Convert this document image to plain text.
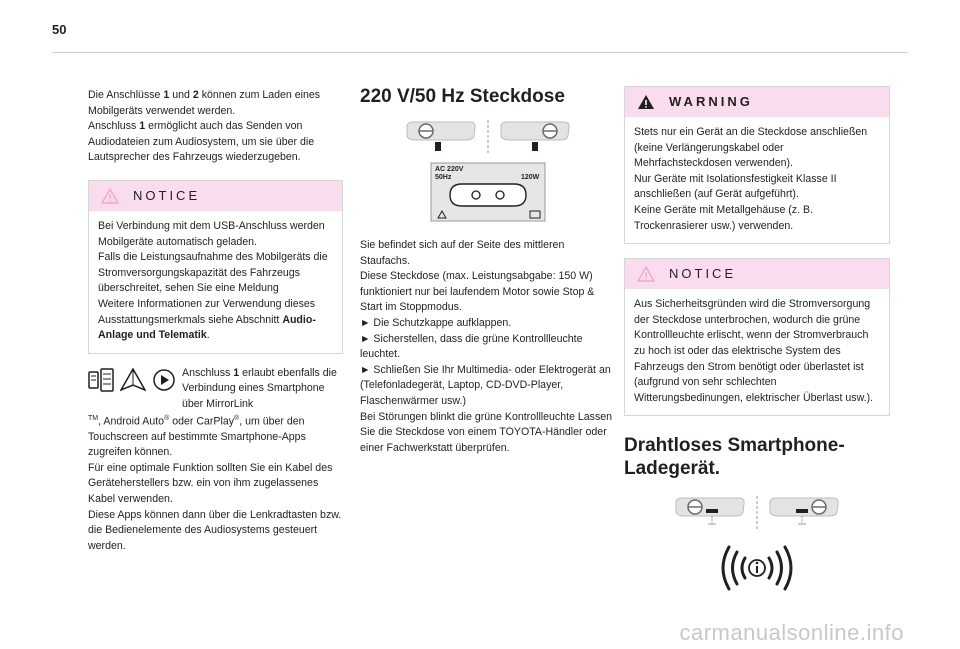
50

Die Anschlüsse 1 und 2 können zum Laden eines Mobilgeräts verwendet werden.

Anschluss 1 ermöglicht auch das Senden von Audiodateien zum Audiosystem, um sie über die Lautsprecher des Fahrzeugs wiederzugeben.

NOTICE

Bei Verbindung mit dem USB-Anschluss werden Mobilgeräte automatisch geladen.

Falls die Leistungsaufnahme des Mobilgeräts die Stromversorgungskapazität des Fahrzeugs überschreitet, sehen Sie eine Meldung

Weitere Informationen zur Verwendung dieses Ausstattungsmerkmals siehe Abschnitt Audio-Anlage und Telematik.

Anschluss 1 erlaubt ebenfalls die Verbindung eines Smartphone über MirrorLink

™, Android Auto® oder CarPlay®, um über den Touchscreen auf bestimmte Smartphone-Apps zugreifen können.

Für eine optimale Funktion sollten Sie ein Kabel des Geräteherstellers bzw. ein von ihm zugelassenes Kabel verwenden.

Diese Apps können dann über die Lenkradtasten bzw. die Bedienelemente des Audiosystems gesteuert werden.

220 V/50 Hz Steckdose
AC 220V
50Hz	120W

Sie befindet sich auf der Seite des mittleren Staufachs.

Diese Steckdose (max. Leistungsabgabe: 150 W) funktioniert nur bei laufendem Motor sowie Stop & Start im Stoppmodus.

► Die Schutzkappe aufklappen.

► Sicherstellen, dass die grüne Kontrollleuchte leuchtet.

► Schließen Sie Ihr Multimedia- oder Elektrogerät an (Telefonladegerät, Laptop, CD-DVD-Player, Flaschenwärmer usw.)

Bei Störungen blinkt die grüne Kontrollleuchte Lassen Sie die Steckdose von einem TOYOTA-Händler oder einer Fachwerkstatt überprüfen.

WARNING

Stets nur ein Gerät an die Steckdose anschließen (keine Verlängerungskabel oder Mehrfachsteckdosen verwenden).

Nur Geräte mit Isolationsfestigkeit Klasse II anschließen (auf Gerät aufgeführt).

Keine Geräte mit Metallgehäuse (z. B. Trockenrasierer usw.) verwenden.

NOTICE

Aus Sicherheitsgründen wird die Stromversorgung der Steckdose unterbrochen, wodurch die grüne Kontrollleuchte erlischt, wenn der Stromverbrauch zu hoch ist oder das elektrische System des Fahrzeugs den Strom benötigt oder überlastet ist (aufgrund von sehr schlechten Witterungsbedinungen, elektrischer Überlast usw.).

Drahtloses Smartphone-Ladegerät.
carmanualsonline.info
